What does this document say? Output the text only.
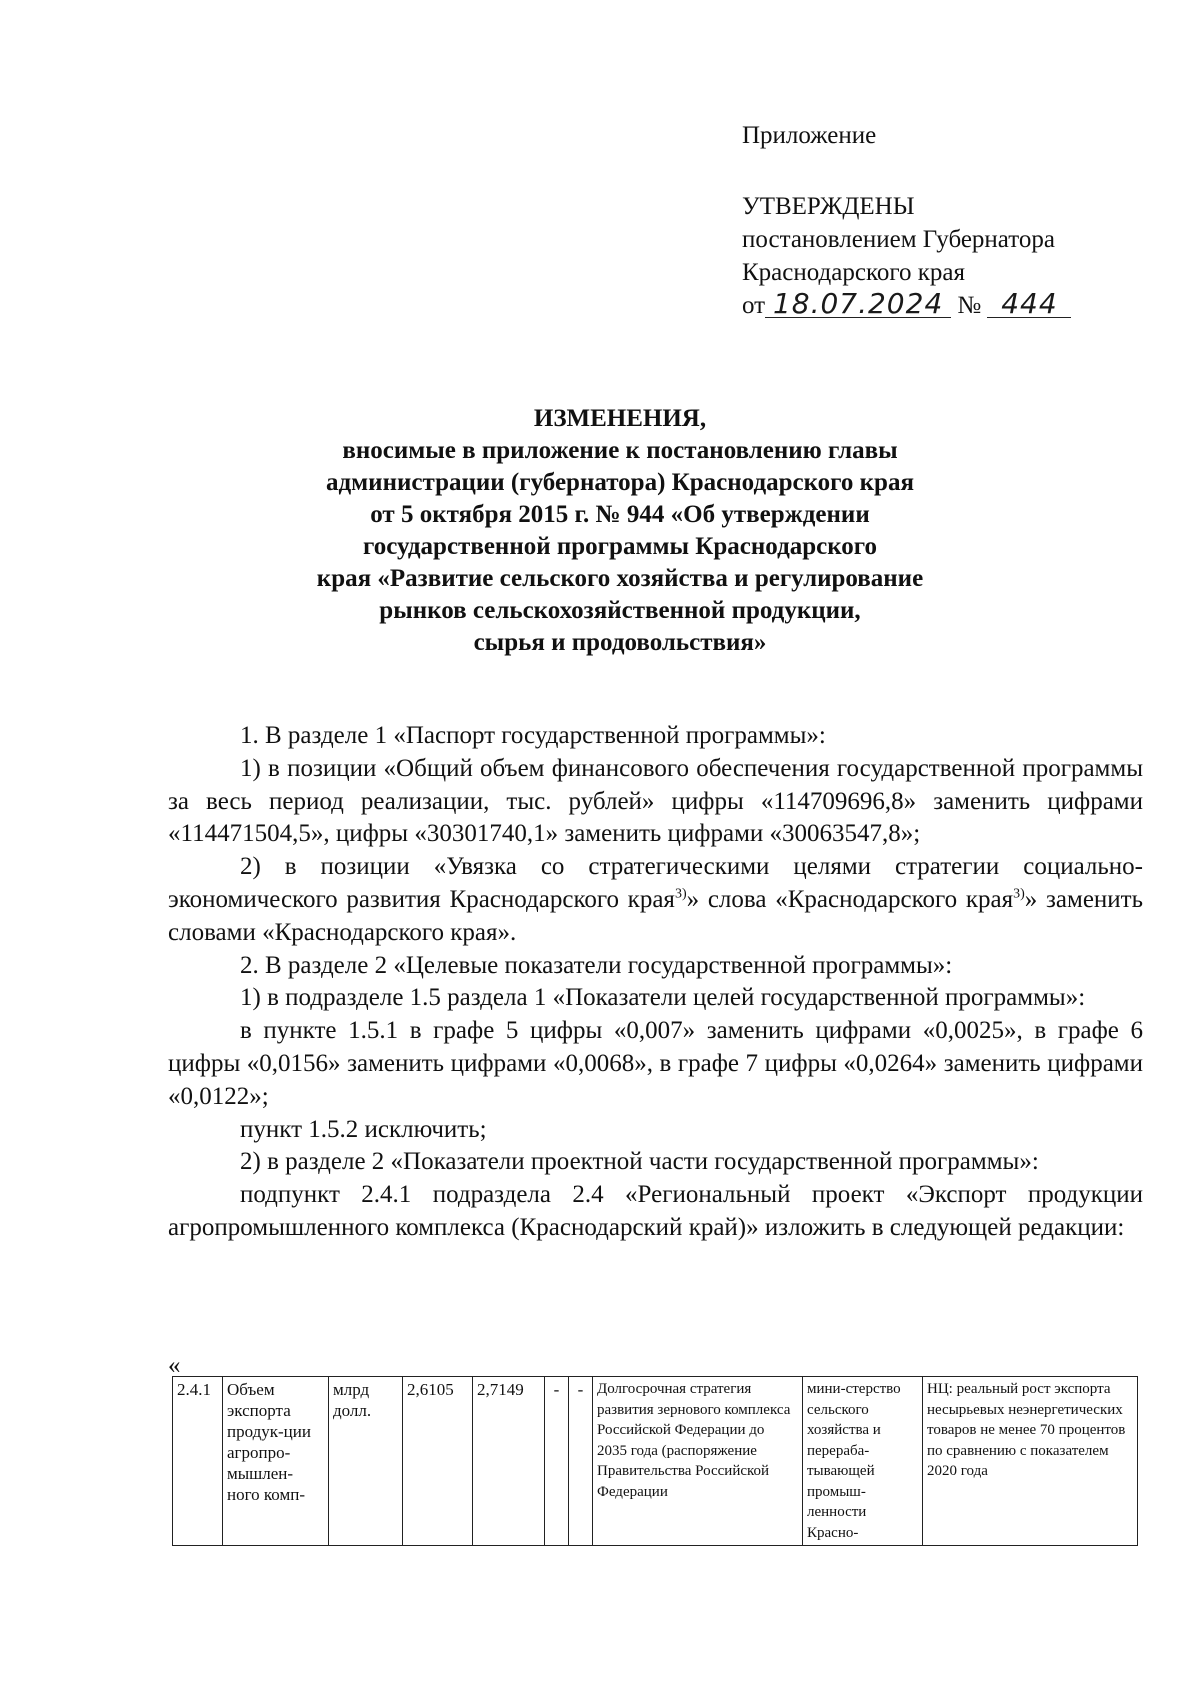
Приложение
УТВЕРЖДЕНЫ
постановлением Губернатора
Краснодарского края
от 18.07.2024 № 444
ИЗМЕНЕНИЯ,
вносимые в приложение к постановлению главы
администрации (губернатора) Краснодарского края
от 5 октября 2015 г. № 944 «Об утверждении
государственной программы Краснодарского
края «Развитие сельского хозяйства и регулирование
рынков сельскохозяйственной продукции,
сырья и продовольствия»

1. В разделе 1 «Паспорт государственной программы»:

1) в позиции «Общий объем финансового обеспечения государственной программы за весь период реализации, тыс. рублей» цифры «114709696,8» заменить цифрами «114471504,5», цифры «30301740,1» заменить цифрами «30063547,8»;

2) в позиции «Увязка со стратегическими целями стратегии социально-экономического развития Краснодарского края$^{3)}$» слова «Краснодарского края$^{3)}$» заменить словами «Краснодарского края».

2. В разделе 2 «Целевые показатели государственной программы»:

1) в подразделе 1.5 раздела 1 «Показатели целей государственной программы»:

в пункте 1.5.1 в графе 5 цифры «0,007» заменить цифрами «0,0025», в графе 6 цифры «0,0156» заменить цифрами «0,0068», в графе 7 цифры «0,0264» заменить цифрами «0,0122»;

пункт 1.5.2 исключить;

2) в разделе 2 «Показатели проектной части государственной программы»:

подпункт 2.4.1 подраздела 2.4 «Региональный проект «Экспорт продукции агропромышленного комплекса (Краснодарский край)» изложить в следующей редакции:

«
2.4.1	Объем экспорта продук-ции агропро-мышлен-ного комп-	млрд долл.	2,6105	2,7149	-	-	Долгосрочная стратегия развития зернового комплекса Российской Федерации до 2035 года (распоряжение Правительства Российской Федерации	мини-стерство сельского хозяйства и перераба-тывающей промыш-ленности Красно-	НЦ: реальный рост экспорта несырьевых неэнергетических товаров не менее 70 процентов по сравнению с показателем 2020 года
